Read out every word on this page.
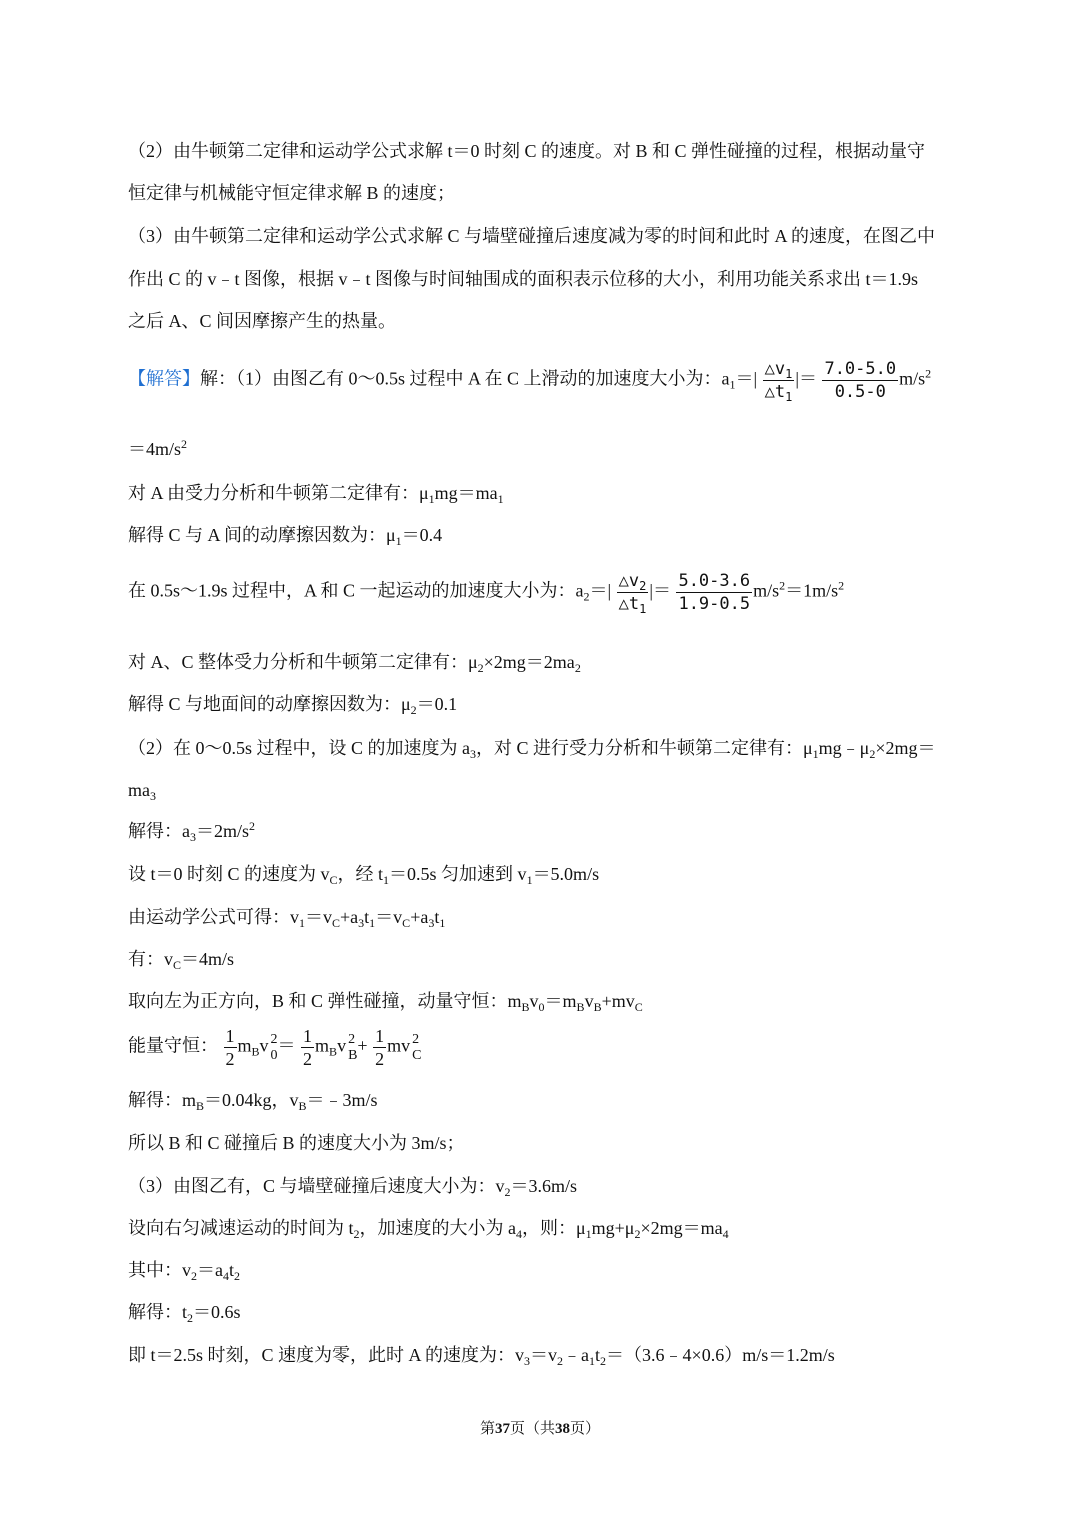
（2）由牛顿第二定律和运动学公式求解 t＝0 时刻 C 的速度。对 B 和 C 弹性碰撞的过程，根据动量守
恒定律与机械能守恒定律求解 B 的速度；
（3）由牛顿第二定律和运动学公式求解 C 与墙壁碰撞后速度减为零的时间和此时 A 的速度，在图乙中
作出 C 的 v﹣t 图像，根据 v﹣t 图像与时间轴围成的面积表示位移的大小，利用功能关系求出 t＝1.9s
之后 A、C 间因摩擦产生的热量。
【解答】解：（1）由图乙有 0～0.5s 过程中 A 在 C 上滑动的加速度大小为：$a_1=| \frac{\triangle v_1}{\triangle t_1}$ |＝ $\frac{7.0-5.0}{0.5-0} m/s^2$
$=4m/s^2$
对 A 由受力分析和牛顿第二定律有：$\mu_1mg=ma_1$
解得 C 与 A 间的动摩擦因数为：$\mu_1=0.4$
在 0.5s～1.9s 过程中，A 和 C 一起运动的加速度大小为：$a_2=| \frac{\triangle v_2}{\triangle t_1}$ |＝ $\frac{5.0-3.6}{1.9-0.5} m/s^2=1m/s^2$
对 A、C 整体受力分析和牛顿第二定律有：$\mu_2\times 2mg=2ma_2$
解得 C 与地面间的动摩擦因数为：$\mu_2=0.1$
（2）在 0～0.5s 过程中，设 C 的加速度为 $a_3$，对 C 进行受力分析和牛顿第二定律有：$\mu_1mg﹣\mu_2\times 2mg=$
$ma_3$
解得：$a_3=2m/s^2$
设 t＝0 时刻 C 的速度为 $v_C$，经 $t_1=0.5s$ 匀加速到 $v_1=5.0m/s$
由运动学公式可得：$v_1=v_C+a_3t_1=v_C+a_3t_1$
有：$v_C=4m/s$
取向左为正方向，B 和 C 弹性碰撞，动量守恒：$m_Bv_0=m_Bv_B+mv_C$
能量守恒： $\frac{1}{2} m_Bv$ 2
$0 = \frac{1}{2} m_Bv$ 2
$B + \frac{1}{2}$ mv 2
C
解得：$m_B=0.04kg$，$v_B=﹣3m/s$
所以 B 和 C 碰撞后 B 的速度大小为 3m/s；
（3）由图乙有，C 与墙壁碰撞后速度大小为：$v_2=3.6m/s$
设向右匀减速运动的时间为 $t_2$，加速度的大小为 $a_4$，则：$\mu_1mg+\mu_2\times 2mg=ma_4$
其中：$v_2=a_4t_2$
解得：$t_2=0.6s$
即 t＝2.5s 时刻，C 速度为零，此时 A 的速度为：$v_3=v_2﹣a_1t_2=(3.6﹣4\times 0.6)m/s=1.2m/s$
第37页（共38页）
